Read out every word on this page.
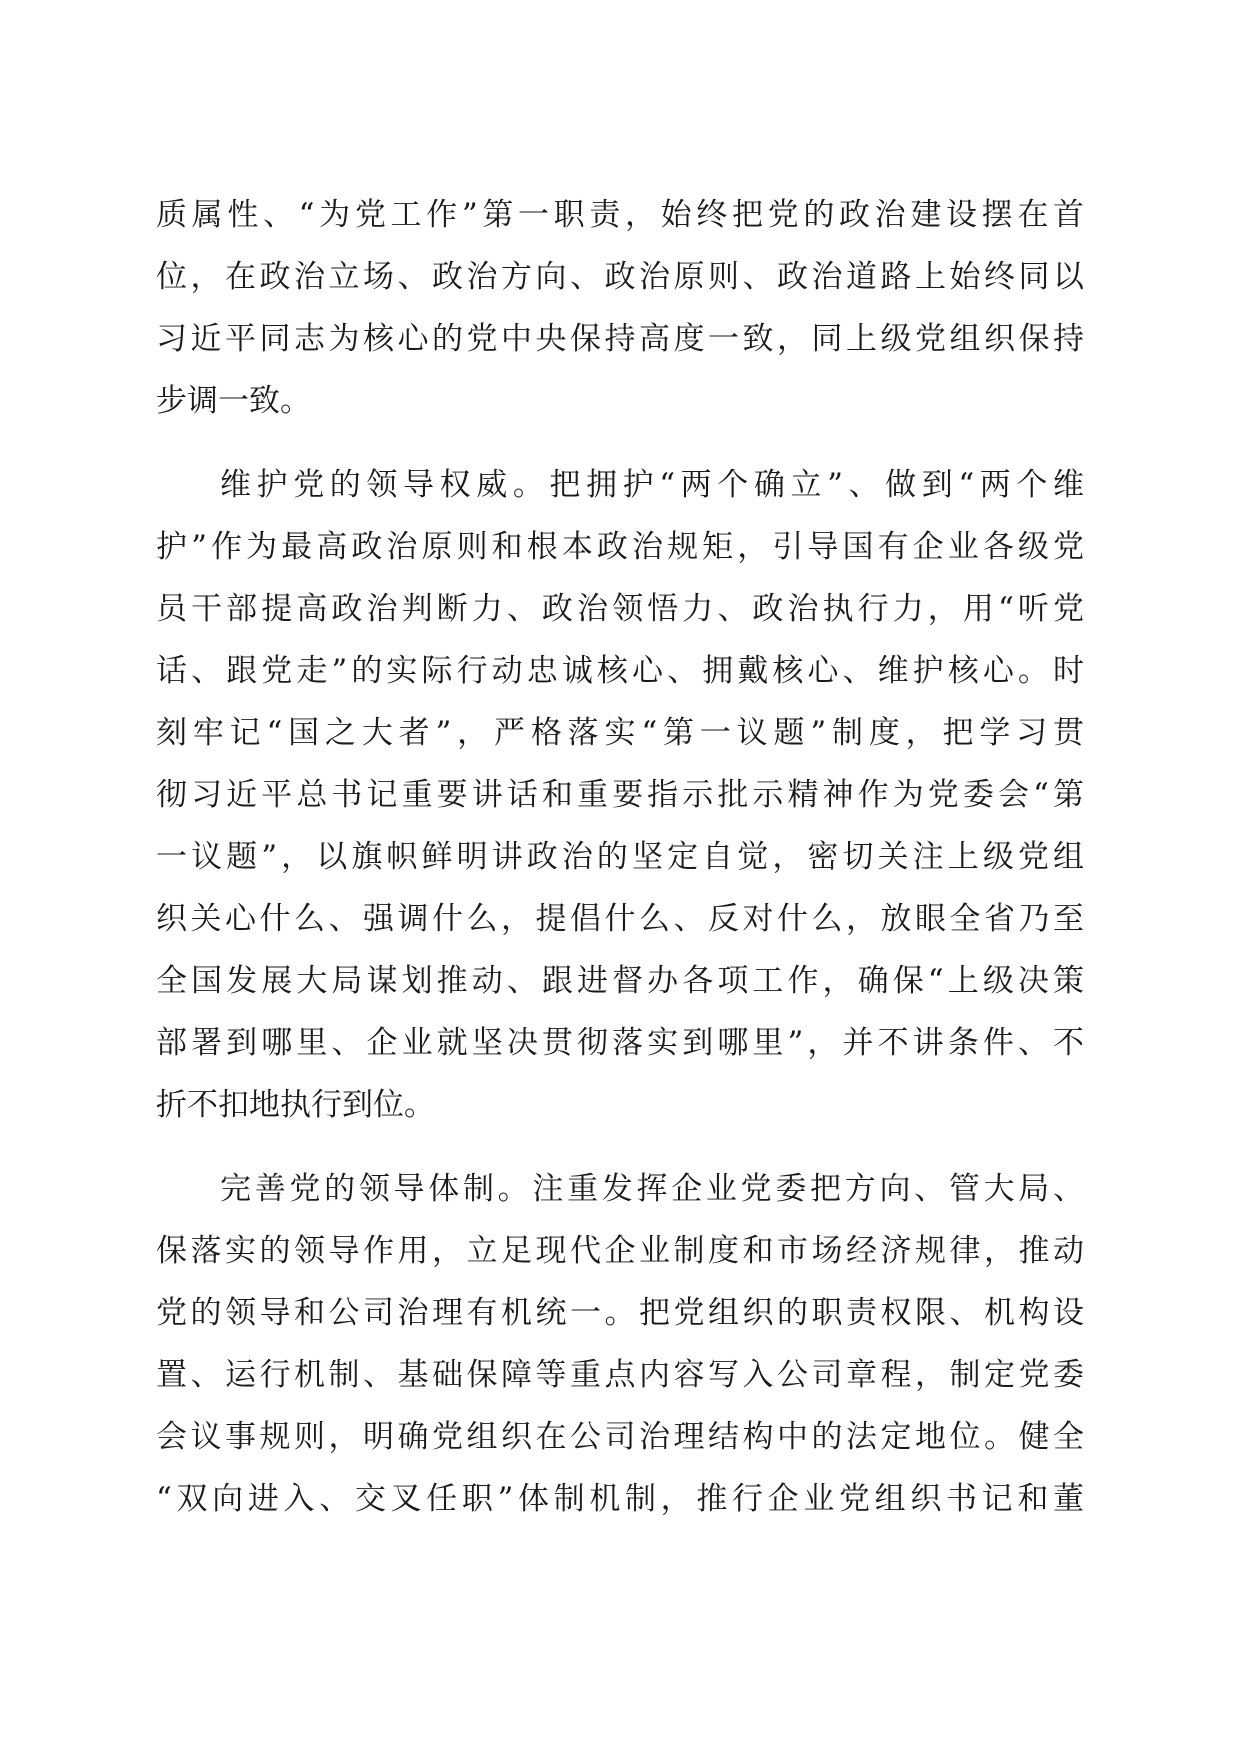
质属性、“为党工作”第一职责，始终把党的政治建设摆在首
位，在政治立场、政治方向、政治原则、政治道路上始终同以
习近平同志为核心的党中央保持高度一致，同上级党组织保持
步调一致。
维护党的领导权威。把拥护“两个确立”、做到“两个维
护”作为最高政治原则和根本政治规矩，引导国有企业各级党
员干部提高政治判断力、政治领悟力、政治执行力，用“听党
话、跟党走”的实际行动忠诚核心、拥戴核心、维护核心。时
刻牢记“国之大者”，严格落实“第一议题”制度，把学习贯
彻习近平总书记重要讲话和重要指示批示精神作为党委会“第
一议题”，以旗帜鲜明讲政治的坚定自觉，密切关注上级党组
织关心什么、强调什么，提倡什么、反对什么，放眼全省乃至
全国发展大局谋划推动、跟进督办各项工作，确保“上级决策
部署到哪里、企业就坚决贯彻落实到哪里”，并不讲条件、不
折不扣地执行到位。
完善党的领导体制。注重发挥企业党委把方向、管大局、
保落实的领导作用，立足现代企业制度和市场经济规律，推动
党的领导和公司治理有机统一。把党组织的职责权限、机构设
置、运行机制、基础保障等重点内容写入公司章程，制定党委
会议事规则，明确党组织在公司治理结构中的法定地位。健全
“双向进入、交叉任职”体制机制，推行企业党组织书记和董
